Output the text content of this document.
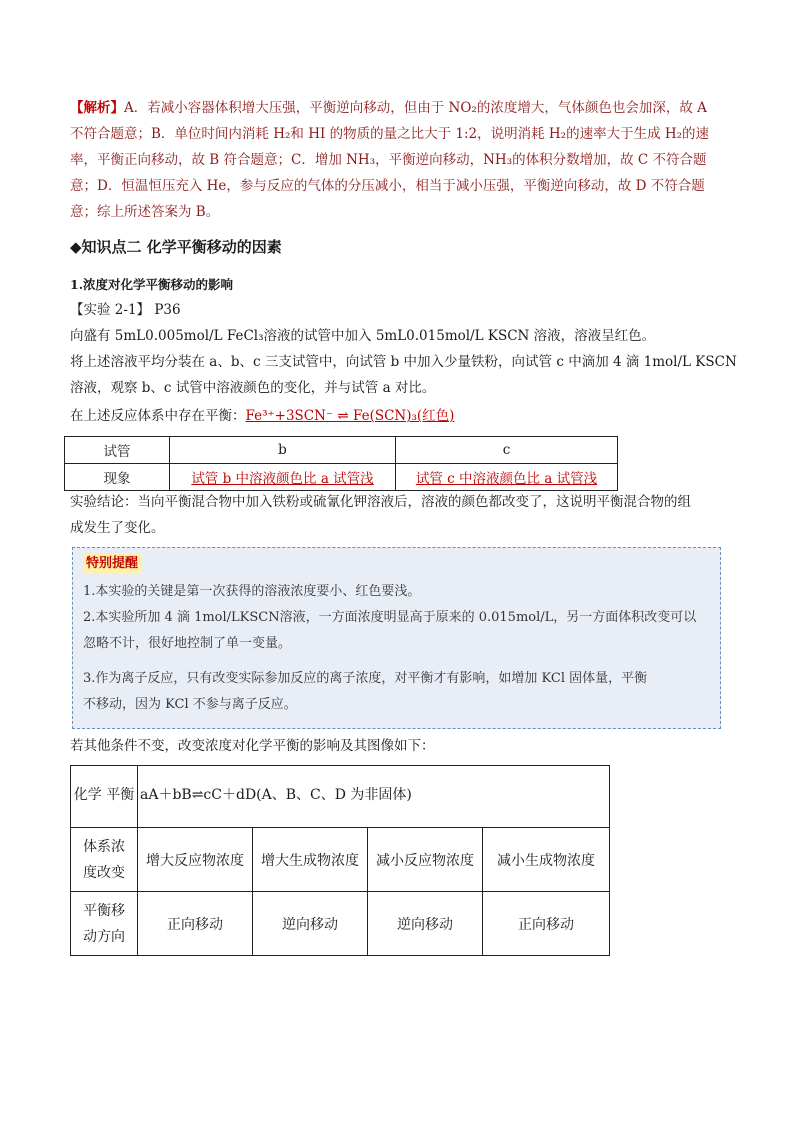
【解析】A．若减小容器体积增大压强，平衡逆向移动，但由于 NO₂的浓度增大，气体颜色也会加深，故 A
不符合题意；B．单位时间内消耗 H₂和 HI 的物质的量之比大于 1:2，说明消耗 H₂的速率大于生成 H₂的速
率，平衡正向移动，故 B 符合题意；C．增加 NH₃，平衡逆向移动，NH₃的体积分数增加，故 C 不符合题
意；D．恒温恒压充入 He，参与反应的气体的分压减小，相当于减小压强，平衡逆向移动，故 D 不符合题
意；综上所述答案为 B。
◆知识点二 化学平衡移动的因素
1.浓度对化学平衡移动的影响
【实验 2-1】 P36
向盛有 5mL0.005mol/L FeCl₃溶液的试管中加入 5mL0.015mol/L KSCN 溶液，溶液呈红色。
将上述溶液平均分装在 a、b、c 三支试管中，向试管 b 中加入少量铁粉，向试管 c 中滴加 4 滴 1mol/L KSCN
溶液，观察 b、c 试管中溶液颜色的变化，并与试管 a 对比。
在上述反应体系中存在平衡：Fe³⁺+3SCN⁻ ⇌ Fe(SCN)₃(红色)
试管	b	c
现象	试管 b 中溶液颜色比 a 试管浅	试管 c 中溶液颜色比 a 试管浅
实验结论：当向平衡混合物中加入铁粉或硫氰化钾溶液后，溶液的颜色都改变了，这说明平衡混合物的组
成发生了变化。
特别提醒
1.本实验的关键是第一次获得的溶液浓度要小、红色要浅。
2.本实验所加 4 滴 1mol/LKSCN溶液，一方面浓度明显高于原来的 0.015mol/L，另一方面体积改变可以
忽略不计，很好地控制了单一变量。
3.作为离子反应，只有改变实际参加反应的离子浓度，对平衡才有影响，如增加 KCl 固体量，平衡
不移动，因为 KCl 不参与离子反应。
若其他条件不变，改变浓度对化学平衡的影响及其图像如下：
化学 平衡	aA＋bB⇌cC＋dD(A、B、C、D 为非固体)			
体系浓度改变	增大反应物浓度	增大生成物浓度	减小反应物浓度	减小生成物浓度
平衡移动方向	正向移动	逆向移动	逆向移动	正向移动
